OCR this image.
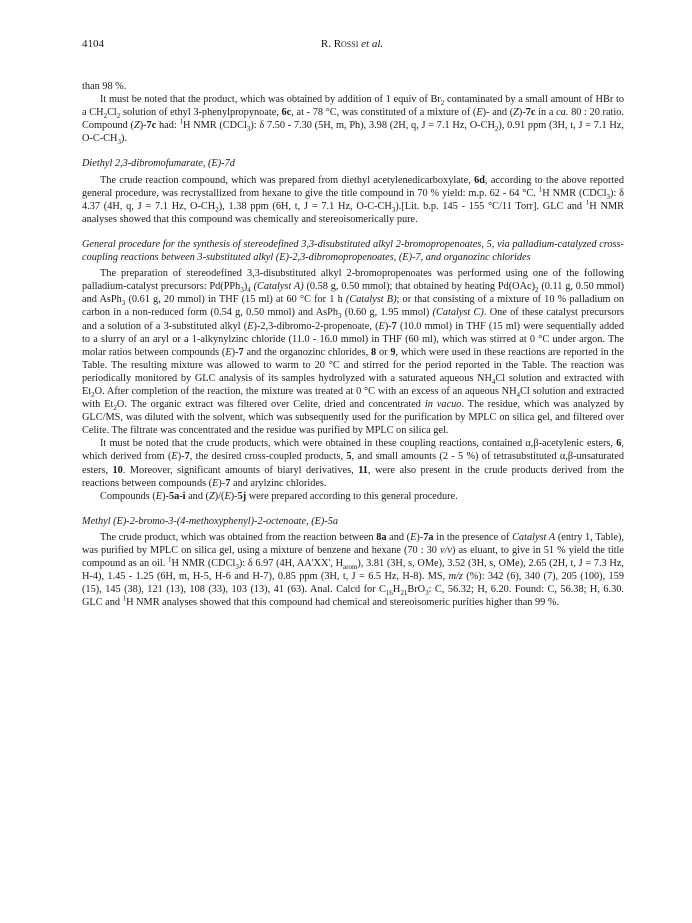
4104	R. Rossi et al.

than 98 %.

It must be noted that the product, which was obtained by addition of 1 equiv of $Br_2$ contaminated by a small amount of HBr to a $CH_2Cl_2$ solution of ethyl 3-phenylpropynoate, 6c, at - 78 °C, was constituted of a mixture of (E)- and (Z)-7c in a ca. 80 : 20 ratio. Compound (Z)-7c had: $^1$H NMR (CDCl$_3$): δ 7.50 - 7.30 (5H, m, Ph), 3.98 (2H, q, J = 7.1 Hz, $O-CH_2$), 0.91 ppm (3H, t, J = 7.1 Hz, $O-C-CH_3$).

Diethyl 2,3-dibromofumarate, (E)-7d

The crude reaction compound, which was prepared from diethyl acetylenedicarboxylate, 6d, according to the above reported general procedure, was recrystallized from hexane to give the title compound in 70 % yield: m.p. 62 - 64 °C. $^1$H NMR (CDCl$_3$): δ 4.37 (4H, q, J = 7.1 Hz, $O-CH_2$), 1.38 ppm (6H, t, J = 7.1 Hz, $O-C-CH_3).[Lit$. b.p. 145 - 155 °C/11 Torr]. GLC and $^1$H NMR analyses showed that this compound was chemically and stereoisomerically pure.

General procedure for the synthesis of stereodefined 3,3-disubstituted alkyl 2-bromopropenoates, 5, via palladium-catalyzed cross-coupling reactions between 3-substituted alkyl (E)-2,3-dibromopropenoates, (E)-7, and organozinc chlorides

The preparation of stereodefined 3,3-disubstituted alkyl 2-bromopropenoates was performed using one of the following palladium-catalyst precursors: $Pd(PPh_3)_4$ (Catalyst A) (0.58 g, 0.50 mmol); that obtained by heating $Pd(OAc)_2$ (0.11 g, 0.50 mmol) and AsPh$_3$ (0.61 g, 20 mmol) in THF (15 ml) at 60 °C for 1 h (Catalyst B); or that consisting of a mixture of 10 % palladium on carbon in a non-reduced form (0.54 g, 0.50 mmol) and AsPh$_3$ (0.60 g, 1.95 mmol) (Catalyst C). One of these catalyst precursors and a solution of a 3-substituted alkyl (E)-2,3-dibromo-2-propenoate, (E)-7 (10.0 mmol) in THF (15 ml) were sequentially added to a slurry of an aryl or a 1-alkynylzinc chloride (11.0 - 16.0 mmol) in THF (60 ml), which was stirred at 0 °C under argon. The molar ratios between compounds (E)-7 and the organozinc chlorides, 8 or 9, which were used in these reactions are reported in the Table. The resulting mixture was allowed to warm to 20 °C and stirred for the period reported in the Table. The reaction was periodically monitored by GLC analysis of its samples hydrolyzed with a saturated aqueous $NH_4Cl$ solution and extracted with $Et_2O$. After completion of the reaction, the mixture was treated at 0 °C with an excess of an aqueous $NH_4Cl$ solution and extracted with $Et_2O$. The organic extract was filtered over Celite, dried and concentrated in vacuo. The residue, which was analyzed by GLC/MS, was diluted with the solvent, which was subsequently used for the purification by MPLC on silica gel, and filtered over Celite. The filtrate was concentrated and the residue was purified by MPLC on silica gel.

It must be noted that the crude products, which were obtained in these coupling reactions, contained α,β-acetylenic esters, 6, which derived from (E)-7, the desired cross-coupled products, 5, and small amounts (2 - 5 %) of tetrasubstituted α,β-unsaturated esters, 10. Moreover, significant amounts of biaryl derivatives, 11, were also present in the crude products derived from the reactions between compounds (E)-7 and arylzinc chlorides.

Compounds (E)-5a-i and (Z)/(E)-5j were prepared according to this general procedure.

Methyl (E)-2-bromo-3-(4-methoxyphenyl)-2-octenoate, (E)-5a

The crude product, which was obtained from the reaction between 8a and (E)-7a in the presence of Catalyst A (entry 1, Table), was purified by MPLC on silica gel, using a mixture of benzene and hexane (70 : 30 v/v) as eluant, to give in 51 % yield the title compound as an oil. $^1$H NMR (CDCl$_3$): δ 6.97 (4H, AA'XX', $H_{arom}$), 3.81 (3H, s, OMe), 3.52 (3H, s, OMe), 2.65 (2H, t, J = 7.3 Hz, H-4), 1.45 - 1.25 (6H, m, H-5, H-6 and H-7), 0.85 ppm (3H, t, J = 6.5 Hz, H-8). MS, m/z (%): 342 (6), 340 (7), 205 (100), 159 (15), 145 (38), 121 (13), 108 (33), 103 (13), 41 (63). Anal. Calcd for $C_{16}H_{21}BrO_3$: C, 56.32; H, 6.20. Found: C, 56.38; H, 6.30. GLC and $^1$H NMR analyses showed that this compound had chemical and stereoisomeric purities higher than 99 %.
